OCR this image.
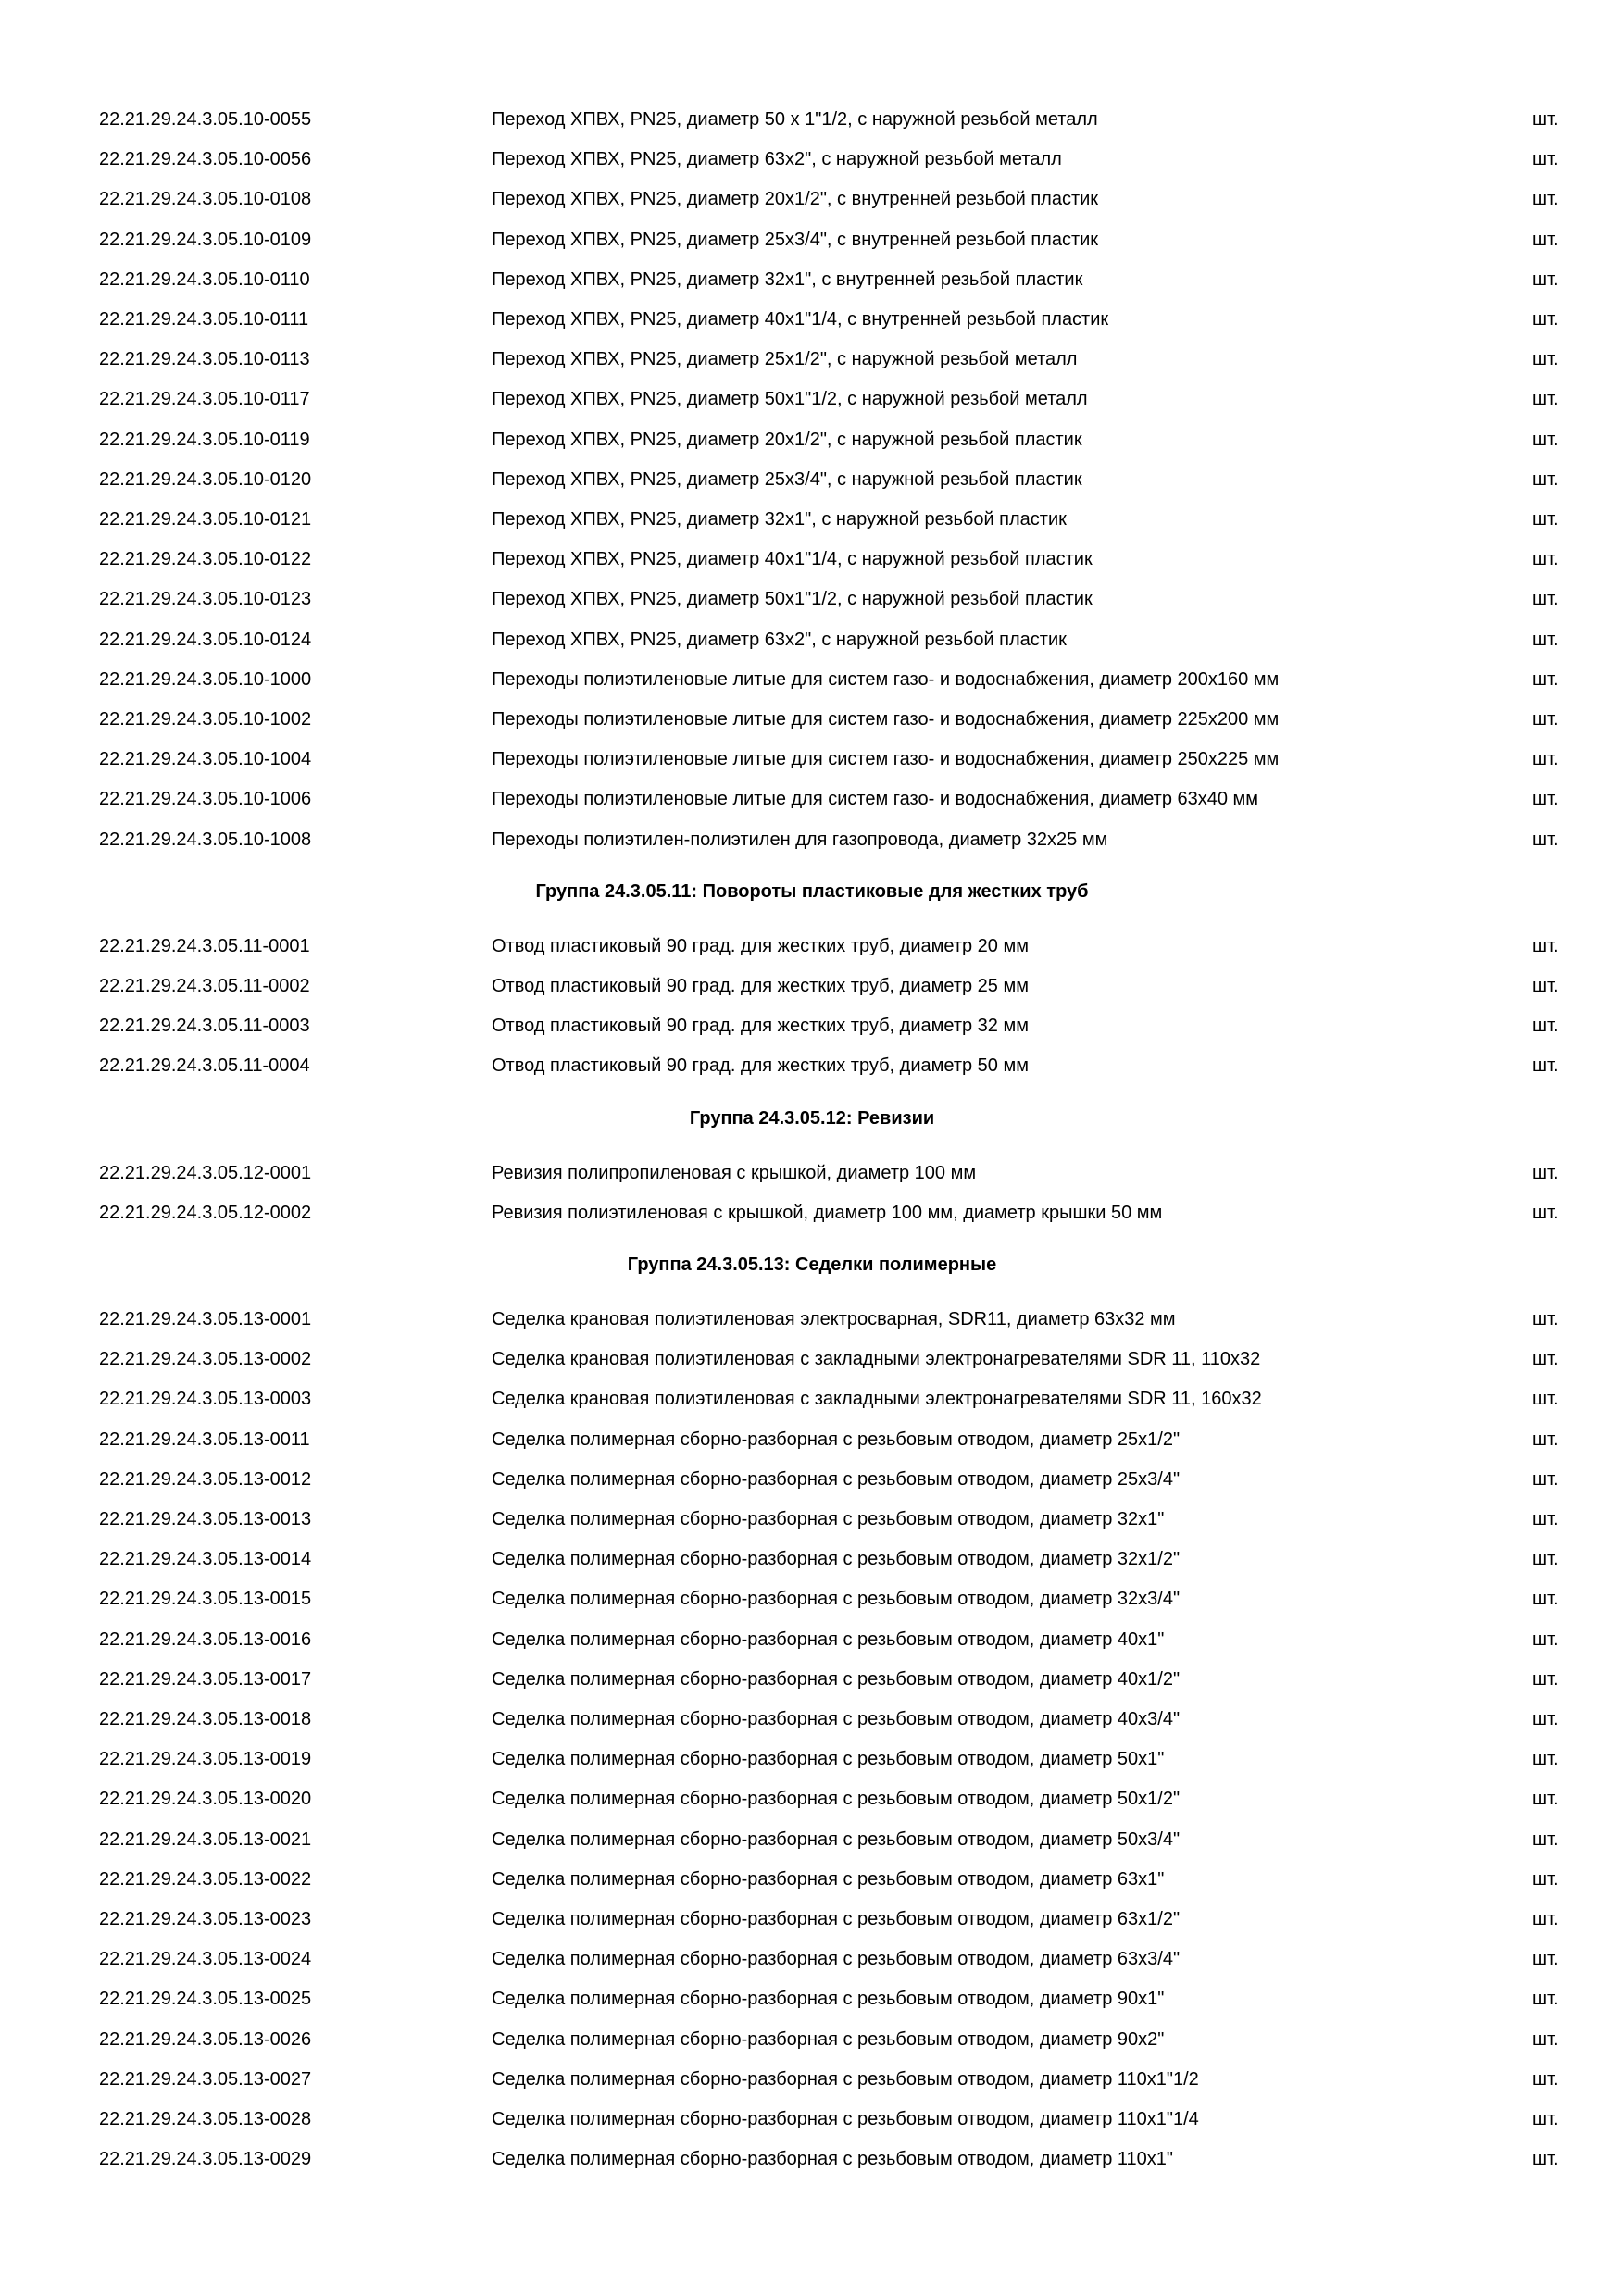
22.21.29.24.3.05.10-0055	Переход ХПВХ, PN25, диаметр 50 х 1"1/2, с наружной резьбой металл	шт.
22.21.29.24.3.05.10-0056	Переход ХПВХ, PN25, диаметр 63x2", с наружной резьбой металл	шт.
22.21.29.24.3.05.10-0108	Переход ХПВХ, PN25, диаметр 20x1/2", с внутренней резьбой пластик	шт.
22.21.29.24.3.05.10-0109	Переход ХПВХ, PN25, диаметр 25x3/4", с внутренней резьбой пластик	шт.
22.21.29.24.3.05.10-0110	Переход ХПВХ, PN25, диаметр 32x1", с внутренней резьбой пластик	шт.
22.21.29.24.3.05.10-0111	Переход ХПВХ, PN25, диаметр 40x1"1/4, с внутренней резьбой пластик	шт.
22.21.29.24.3.05.10-0113	Переход ХПВХ, PN25, диаметр 25x1/2", с наружной резьбой металл	шт.
22.21.29.24.3.05.10-0117	Переход ХПВХ, PN25, диаметр 50x1"1/2, с наружной резьбой металл	шт.
22.21.29.24.3.05.10-0119	Переход ХПВХ, PN25, диаметр 20x1/2", с наружной резьбой пластик	шт.
22.21.29.24.3.05.10-0120	Переход ХПВХ, PN25, диаметр 25x3/4", с наружной резьбой пластик	шт.
22.21.29.24.3.05.10-0121	Переход ХПВХ, PN25, диаметр 32x1", с наружной резьбой пластик	шт.
22.21.29.24.3.05.10-0122	Переход ХПВХ, PN25, диаметр 40x1"1/4, с наружной резьбой пластик	шт.
22.21.29.24.3.05.10-0123	Переход ХПВХ, PN25, диаметр 50x1"1/2, с наружной резьбой пластик	шт.
22.21.29.24.3.05.10-0124	Переход ХПВХ, PN25, диаметр 63x2", с наружной резьбой пластик	шт.
22.21.29.24.3.05.10-1000	Переходы полиэтиленовые литые для систем газо- и водоснабжения, диаметр 200х160 мм	шт.
22.21.29.24.3.05.10-1002	Переходы полиэтиленовые литые для систем газо- и водоснабжения, диаметр 225х200 мм	шт.
22.21.29.24.3.05.10-1004	Переходы полиэтиленовые литые для систем газо- и водоснабжения, диаметр 250х225 мм	шт.
22.21.29.24.3.05.10-1006	Переходы полиэтиленовые литые для систем газо- и водоснабжения, диаметр 63х40 мм	шт.
22.21.29.24.3.05.10-1008	Переходы полиэтилен-полиэтилен для газопровода, диаметр 32х25 мм	шт.
Группа 24.3.05.11: Повороты пластиковые для жестких труб
22.21.29.24.3.05.11-0001	Отвод пластиковый 90 град. для жестких труб, диаметр 20 мм	шт.
22.21.29.24.3.05.11-0002	Отвод пластиковый 90 град. для жестких труб, диаметр 25 мм	шт.
22.21.29.24.3.05.11-0003	Отвод пластиковый 90 град. для жестких труб, диаметр 32 мм	шт.
22.21.29.24.3.05.11-0004	Отвод пластиковый 90 град. для жестких труб, диаметр 50 мм	шт.
Группа 24.3.05.12: Ревизии
22.21.29.24.3.05.12-0001	Ревизия полипропиленовая с крышкой, диаметр 100 мм	шт.
22.21.29.24.3.05.12-0002	Ревизия полиэтиленовая с крышкой, диаметр 100 мм, диаметр крышки 50 мм	шт.
Группа 24.3.05.13: Седелки полимерные
22.21.29.24.3.05.13-0001	Седелка крановая полиэтиленовая электросварная, SDR11, диаметр 63x32 мм	шт.
22.21.29.24.3.05.13-0002	Седелка крановая полиэтиленовая с закладными электронагревателями SDR 11, 110x32	шт.
22.21.29.24.3.05.13-0003	Седелка крановая полиэтиленовая с закладными электронагревателями SDR 11, 160x32	шт.
22.21.29.24.3.05.13-0011	Седелка полимерная сборно-разборная с резьбовым отводом, диаметр 25x1/2"	шт.
22.21.29.24.3.05.13-0012	Седелка полимерная сборно-разборная с резьбовым отводом, диаметр 25x3/4"	шт.
22.21.29.24.3.05.13-0013	Седелка полимерная сборно-разборная с резьбовым отводом, диаметр 32x1"	шт.
22.21.29.24.3.05.13-0014	Седелка полимерная сборно-разборная с резьбовым отводом, диаметр 32x1/2"	шт.
22.21.29.24.3.05.13-0015	Седелка полимерная сборно-разборная с резьбовым отводом, диаметр 32x3/4"	шт.
22.21.29.24.3.05.13-0016	Седелка полимерная сборно-разборная с резьбовым отводом, диаметр 40x1"	шт.
22.21.29.24.3.05.13-0017	Седелка полимерная сборно-разборная с резьбовым отводом, диаметр 40x1/2"	шт.
22.21.29.24.3.05.13-0018	Седелка полимерная сборно-разборная с резьбовым отводом, диаметр 40x3/4"	шт.
22.21.29.24.3.05.13-0019	Седелка полимерная сборно-разборная с резьбовым отводом, диаметр 50x1"	шт.
22.21.29.24.3.05.13-0020	Седелка полимерная сборно-разборная с резьбовым отводом, диаметр 50x1/2"	шт.
22.21.29.24.3.05.13-0021	Седелка полимерная сборно-разборная с резьбовым отводом, диаметр 50x3/4"	шт.
22.21.29.24.3.05.13-0022	Седелка полимерная сборно-разборная с резьбовым отводом, диаметр 63x1"	шт.
22.21.29.24.3.05.13-0023	Седелка полимерная сборно-разборная с резьбовым отводом, диаметр 63x1/2"	шт.
22.21.29.24.3.05.13-0024	Седелка полимерная сборно-разборная с резьбовым отводом, диаметр 63x3/4"	шт.
22.21.29.24.3.05.13-0025	Седелка полимерная сборно-разборная с резьбовым отводом, диаметр 90x1"	шт.
22.21.29.24.3.05.13-0026	Седелка полимерная сборно-разборная с резьбовым отводом, диаметр 90x2"	шт.
22.21.29.24.3.05.13-0027	Седелка полимерная сборно-разборная с резьбовым отводом, диаметр 110x1"1/2	шт.
22.21.29.24.3.05.13-0028	Седелка полимерная сборно-разборная с резьбовым отводом, диаметр 110x1"1/4	шт.
22.21.29.24.3.05.13-0029	Седелка полимерная сборно-разборная с резьбовым отводом, диаметр 110x1"	шт.
